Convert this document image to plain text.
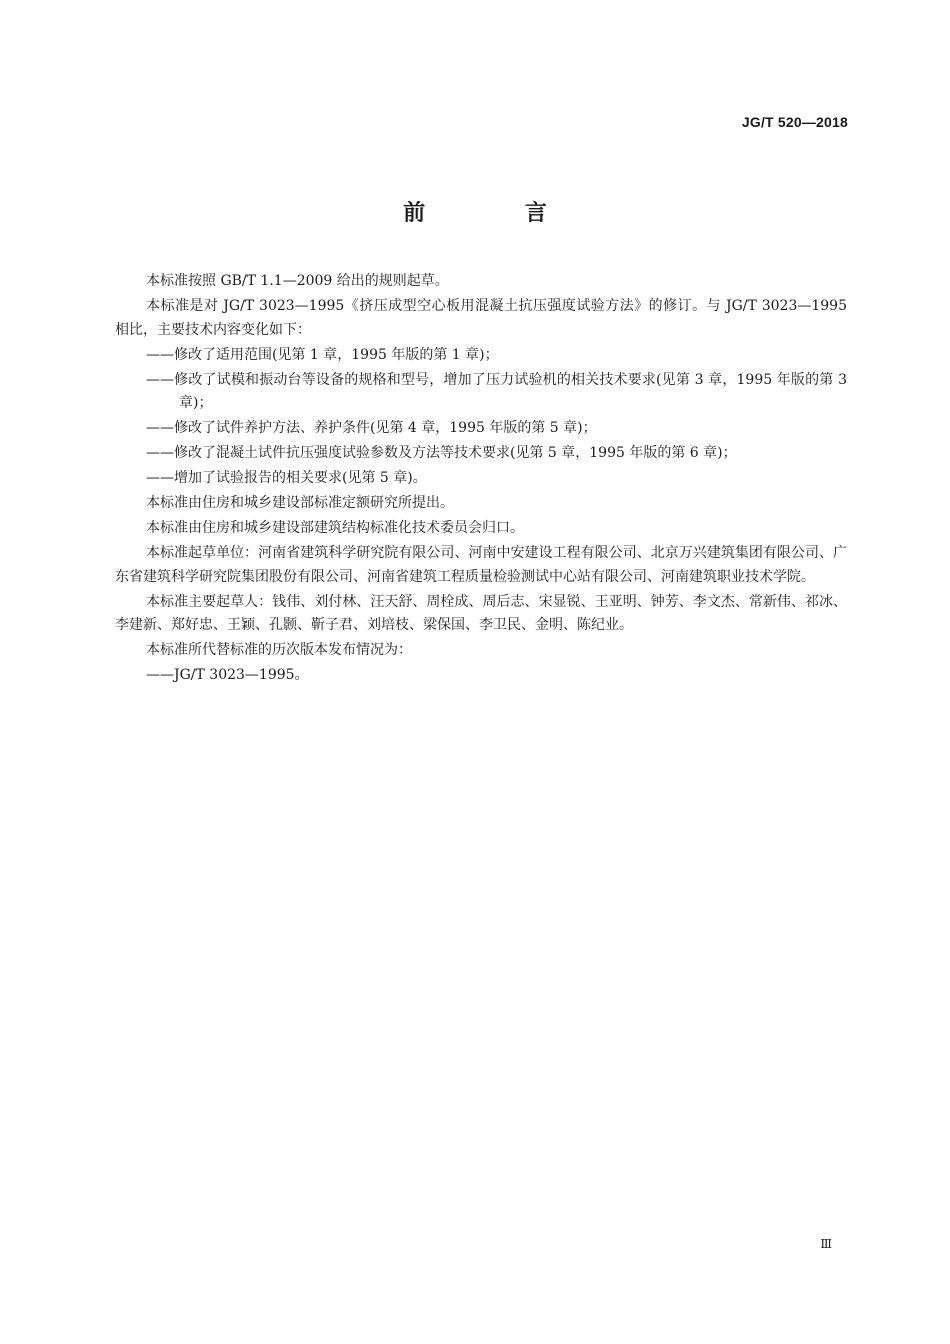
JG/T 520—2018
前 言

本标准按照 GB/T 1.1—2009 给出的规则起草。

本标准是对 JG/T 3023—1995《挤压成型空心板用混凝土抗压强度试验方法》的修订。与 JG/T 3023—1995 相比，主要技术内容变化如下：

——修改了适用范围(见第 1 章，1995 年版的第 1 章)；

——修改了试模和振动台等设备的规格和型号，增加了压力试验机的相关技术要求(见第 3 章，1995 年版的第 3 章)；

——修改了试件养护方法、养护条件(见第 4 章，1995 年版的第 5 章)；

——修改了混凝土试件抗压强度试验参数及方法等技术要求(见第 5 章，1995 年版的第 6 章)；

——增加了试验报告的相关要求(见第 5 章)。

本标准由住房和城乡建设部标准定额研究所提出。

本标准由住房和城乡建设部建筑结构标准化技术委员会归口。

本标准起草单位：河南省建筑科学研究院有限公司、河南中安建设工程有限公司、北京万兴建筑集团有限公司、广东省建筑科学研究院集团股份有限公司、河南省建筑工程质量检验测试中心站有限公司、河南建筑职业技术学院。

本标准主要起草人：钱伟、刘付林、汪天舒、周栓成、周后志、宋显锐、王亚明、钟芳、李文杰、常新伟、祁冰、李建新、郑好忠、王颖、孔颢、靳子君、刘培枝、梁保国、李卫民、金明、陈纪业。

本标准所代替标准的历次版本发布情况为：

——JG/T 3023—1995。

Ⅲ
